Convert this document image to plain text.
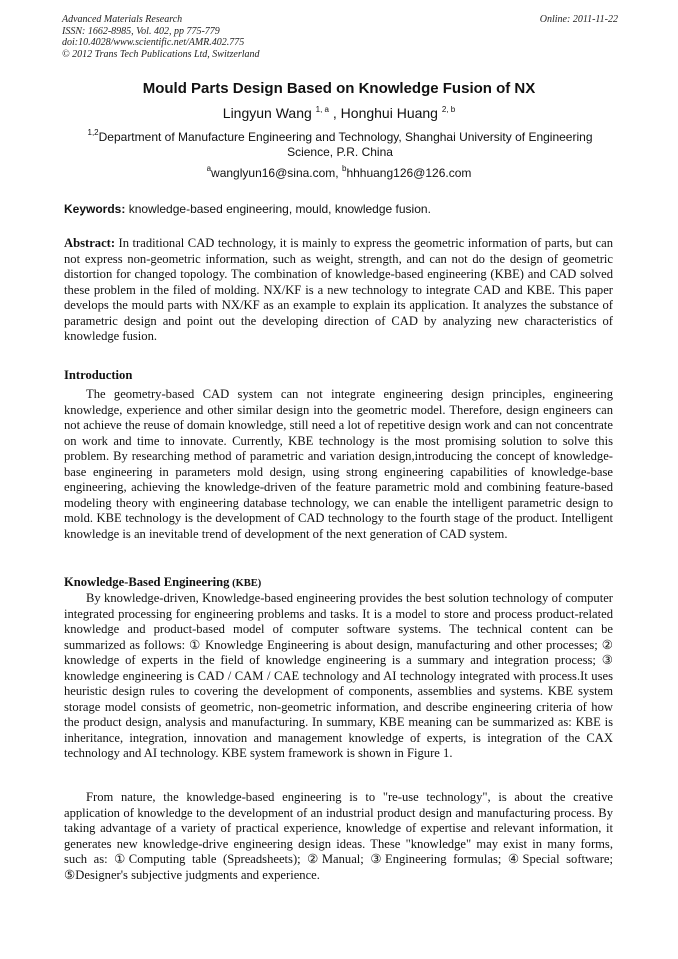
Advanced Materials Research
ISSN: 1662-8985, Vol. 402, pp 775-779
doi:10.4028/www.scientific.net/AMR.402.775
© 2012 Trans Tech Publications Ltd, Switzerland
Online: 2011-11-22
Mould Parts Design Based on Knowledge Fusion of NX
Lingyun Wang $^{1, a}$ , Honghui Huang $^{2, b}$
$^{1,2}$Department of Manufacture Engineering and Technology, Shanghai University of Engineering Science, P.R. China
$^a$wanglyun16@sina.com, $^b$hhhuang126@126.com
Keywords: knowledge-based engineering, mould, knowledge fusion.
Abstract: In traditional CAD technology, it is mainly to express the geometric information of parts, but can not express non-geometric information, such as weight, strength, and can not do the design of geometric distortion for changed topology. The combination of knowledge-based engineering (KBE) and CAD solved these problem in the filed of molding. NX/KF is a new technology to integrate CAD and KBE. This paper develops the mould parts with NX/KF as an example to explain its application. It analyzes the substance of parametric design and point out the developing direction of CAD by analyzing new characteristics of knowledge fusion.
Introduction
The geometry-based CAD system can not integrate engineering design principles, engineering knowledge, experience and other similar design into the geometric model. Therefore, design engineers can not achieve the reuse of domain knowledge, still need a lot of repetitive design work and can not concentrate on work and time to innovate. Currently, KBE technology is the most promising solution to solve this problem. By researching method of parametric and variation design,introducing the concept of knowledge-base engineering in parameters mold design, using strong engineering capabilities of knowledge-base engineering, achieving the knowledge-driven of the feature parametric mold and combining feature-based modeling theory with engineering database technology, we can enable the intelligent parametric design to mold. KBE technology is the development of CAD technology to the fourth stage of the product. Intelligent knowledge is an inevitable trend of development of the next generation of CAD system.
Knowledge-Based Engineering (KBE)
By knowledge-driven, Knowledge-based engineering provides the best solution technology of computer integrated processing for engineering problems and tasks. It is a model to store and process product-related knowledge and product-based model of computer software systems. The technical content can be summarized as follows: ① Knowledge Engineering is about design, manufacturing and other processes; ② knowledge of experts in the field of knowledge engineering is a summary and integration process; ③ knowledge engineering is CAD / CAM / CAE technology and AI technology integrated with process.It uses heuristic design rules to covering the development of components, assemblies and systems. KBE system storage model consists of geometric, non-geometric information, and describe engineering criteria of how the product design, analysis and manufacturing. In summary, KBE meaning can be summarized as: KBE is inheritance, integration, innovation and management knowledge of experts, is integration of the CAX technology and AI technology. KBE system framework is shown in Figure 1.
From nature, the knowledge-based engineering is to "re-use technology", is about the creative application of knowledge to the development of an industrial product design and manufacturing process. By taking advantage of a variety of practical experience, knowledge of expertise and relevant information, it generates new knowledge-drive engineering design ideas. These "knowledge" may exist in many forms, such as: ①Computing table (Spreadsheets); ②Manual; ③Engineering formulas; ④Special software; ⑤Designer's subjective judgments and experience.
